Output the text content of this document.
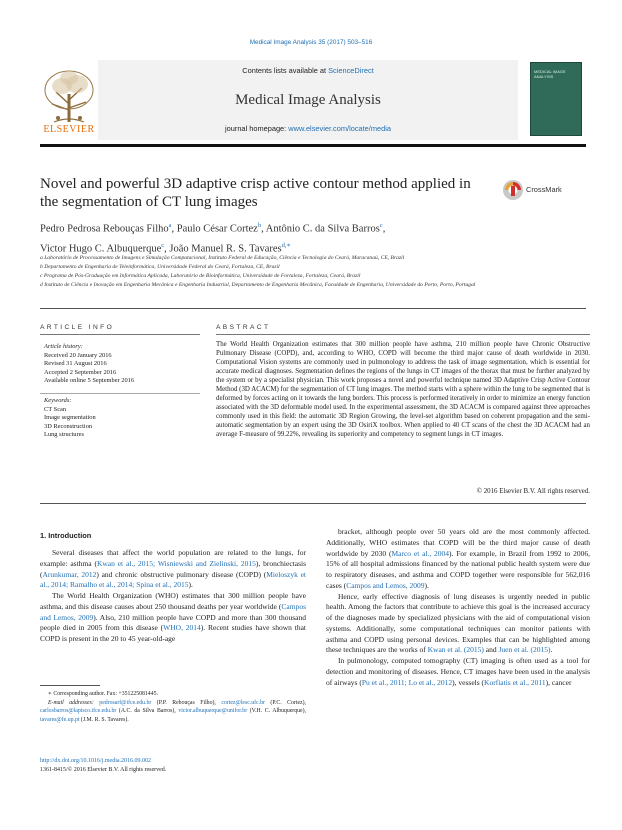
Medical Image Analysis 35 (2017) 503–516
ELSEVIER
Contents lists available at ScienceDirect
Medical Image Analysis
journal homepage: www.elsevier.com/locate/media
MEDICAL IMAGE ANALYSIS
Novel and powerful 3D adaptive crisp active contour method applied in the segmentation of CT lung images
CrossMark
Pedro Pedrosa Rebouças Filho$^a$, Paulo César Cortez$^b$, Antônio C. da Silva Barros$^c$,
Victor Hugo C. Albuquerque$^c$, João Manuel R. S. Tavares$^{d,∗}$
a Laboratório de Processamento de Imagens e Simulação Computacional, Instituto Federal de Educação, Ciência e Tecnologia do Ceará, Maracanaú, CE, Brazil
b Departamento de Engenharia de Teleinformática, Universidade Federal do Ceará, Fortaleza, CE, Brazil
c Programa de Pós-Graduação em Informática Aplicada, Laboratório de Bioinformática, Universidade de Fortaleza, Fortaleza, Ceará, Brazil
d Instituto de Ciência e Inovação em Engenharia Mecânica e Engenharia Industrial, Departamento de Engenharia Mecânica, Faculdade de Engenharia, Universidade do Porto, Porto, Portugal
ARTICLE INFO
Article history:
Received 20 January 2016
Revised 31 August 2016
Accepted 2 September 2016
Available online 5 September 2016
Keywords:
CT Scan
Image segmentation
3D Reconstruction
Lung structures
ABSTRACT
The World Health Organization estimates that 300 million people have asthma, 210 million people have Chronic Obstructive Pulmonary Disease (COPD), and, according to WHO, COPD will become the third major cause of death worldwide in 2030. Computational Vision systems are commonly used in pulmonology to address the task of image segmentation, which is essential for accurate medical diagnoses. Segmentation defines the regions of the lungs in CT images of the thorax that must be further analyzed by the system or by a specialist physician. This work proposes a novel and powerful technique named 3D Adaptive Crisp Active Contour Method (3D ACACM) for the segmentation of CT lung images. The method starts with a sphere within the lung to be segmented that is deformed by forces acting on it towards the lung borders. This process is performed iteratively in order to minimize an energy function associated with the 3D deformable model used. In the experimental assessment, the 3D ACACM is compared against three approaches commonly used in this field: the automatic 3D Region Growing, the level-set algorithm based on coherent propagation and the semi-automatic segmentation by an expert using the 3D OsiriX toolbox. When applied to 40 CT scans of the chest the 3D ACACM had an average F-measure of 99.22%, revealing its superiority and competency to segment lungs in CT images.
© 2016 Elsevier B.V. All rights reserved.
1. Introduction

Several diseases that affect the world population are related to the lungs, for example: asthma (Kwan et al., 2015; Wisniewski and Zielinski, 2015), bronchiectasis (Arunkumar, 2012) and chronic obstructive pulmonary disease (COPD) (Mieloszyk et al., 2014; Ramalho et al., 2014; Spina et al., 2015).

The World Health Organization (WHO) estimates that 300 million people have asthma, and this disease causes about 250 thousand deaths per year worldwide (Campos and Lemos, 2009). Also, 210 million people have COPD and more than 300 thousand people died in 2005 from this disease (WHO, 2014). Recent studies have shown that COPD is present in the 20 to 45 year-old-age

bracket, although people over 50 years old are the most commonly affected. Additionally, WHO estimates that COPD will be the third major cause of death worldwide by 2030 (Marco et al., 2004). For example, in Brazil from 1992 to 2006, 15% of all hospital admissions financed by the national public health system were due to respiratory diseases, and asthma and COPD together were responsible for 562,016 cases (Campos and Lemos, 2009).

Hence, early effective diagnosis of lung diseases is urgently needed in public health. Among the factors that contribute to achieve this goal is the increased accuracy of the diagnoses made by specialized physicians with the aid of computational vision systems. Additionally, some computational techniques can monitor patients with asthma and COPD using personal devices. Examples that can be highlighted among these techniques are the works of Kwan et al. (2015) and Juen et al. (2015).

In pulmonology, computed tomography (CT) imaging is often used as a tool for detection and monitoring of diseases. Hence, CT images have been used in the analysis of airways (Pu et al., 2011; Lo et al., 2012), vessels (Korfiatis et al., 2011), cancer

∗ Corresponding author. Fax: +351225081445.
E-mail addresses: pedrosarf@ifce.edu.br (P.P. Rebouças Filho), cortez@lesc.ufc.br (P.C. Cortez), carlosbarros@lapisco.ifce.edu.br (A.C. da Silva Barros), victor.albuquerque@unifor.br (V.H. C. Albuquerque), tavares@fe.up.pt (J.M. R. S. Tavares).
http://dx.doi.org/10.1016/j.media.2016.09.002
1361-8415/© 2016 Elsevier B.V. All rights reserved.
